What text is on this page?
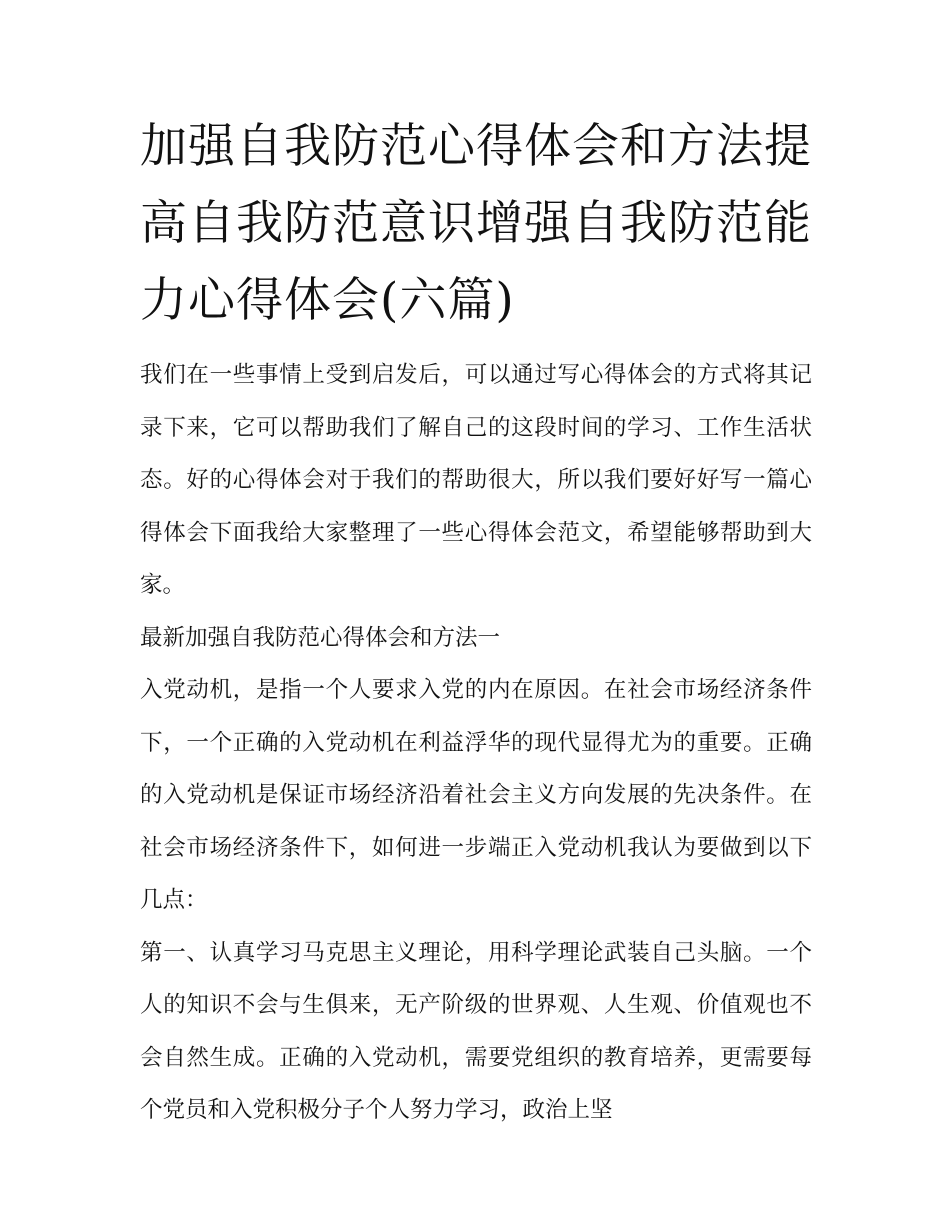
加强自我防范心得体会和方法提高自我防范意识增强自我防范能力心得体会(六篇)

我们在一些事情上受到启发后，可以通过写心得体会的方式将其记录下来，它可以帮助我们了解自己的这段时间的学习、工作生活状态。好的心得体会对于我们的帮助很大，所以我们要好好写一篇心得体会下面我给大家整理了一些心得体会范文，希望能够帮助到大家。

最新加强自我防范心得体会和方法一

入党动机，是指一个人要求入党的内在原因。在社会市场经济条件下，一个正确的入党动机在利益浮华的现代显得尤为的重要。正确的入党动机是保证市场经济沿着社会主义方向发展的先决条件。在社会市场经济条件下，如何进一步端正入党动机我认为要做到以下几点：

第一、认真学习马克思主义理论，用科学理论武装自己头脑。一个人的知识不会与生俱来，无产阶级的世界观、人生观、价值观也不会自然生成。正确的入党动机，需要党组织的教育培养，更需要每个党员和入党积极分子个人努力学习，政治上坚
